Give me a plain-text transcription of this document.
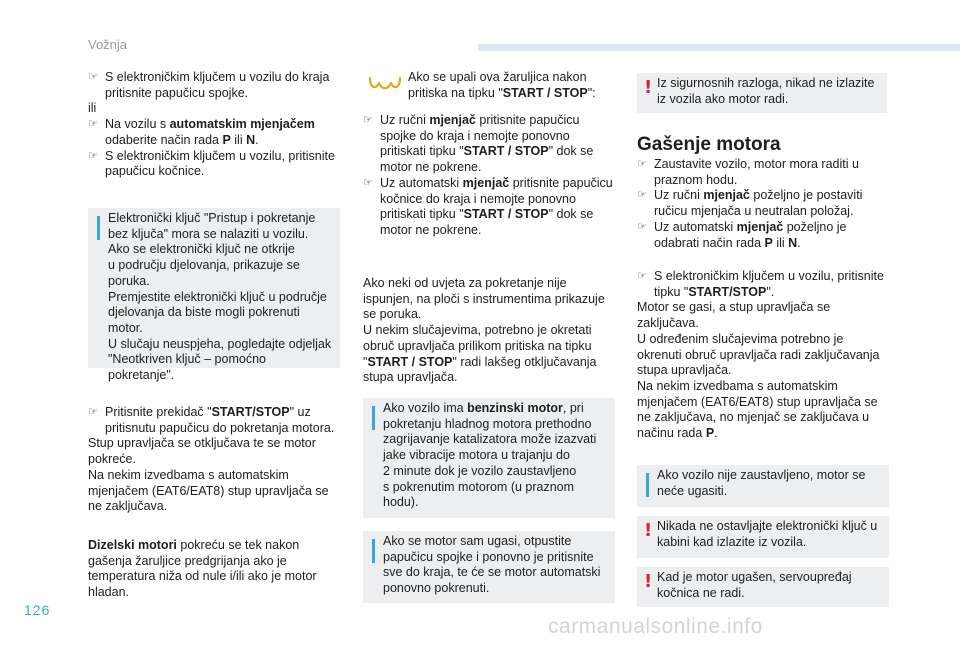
Vožnja
☞ S elektroničkim ključem u vozilu do kraja pritisnite papučicu spojke.
ili
☞ Na vozilu s automatskim mjenjačem odaberite način rada P ili N.
☞ S elektroničkim ključem u vozilu, pritisnite papučicu kočnice.

Elektronički ključ "Pristup i pokretanje bez ključa" mora se nalaziti u vozilu.
Ako se elektronički ključ ne otkrije
u području djelovanja, prikazuje se poruka.
Premjestite elektronički ključ u područje djelovanja da biste mogli pokrenuti motor.
U slučaju neuspjeha, pogledajte odjeljak "Neotkriven ključ – pomoćno pokretanje".

☞ Pritisnite prekidač "START/STOP" uz pritisnutu papučicu do pokretanja motora.
Stup upravljača se otključava te se motor pokreće.
Na nekim izvedbama s automatskim mjenjačem (EAT6/EAT8) stup upravljača se ne zaključava.
Dizelski motori pokreću se tek nakon gašenja žaruljice predgrijanja ako je temperatura niža od nule i/ili ako je motor hladan.
Ako se upali ova žaruljica nakon pritiska na tipku "START / STOP":
☞ Uz ručni mjenjač pritisnite papučicu spojke do kraja i nemojte ponovno pritiskati tipku "START / STOP" dok se motor ne pokrene.
☞ Uz automatski mjenjač pritisnite papučicu kočnice do kraja i nemojte ponovno pritiskati tipku "START / STOP" dok se motor ne pokrene.
Ako neki od uvjeta za pokretanje nije ispunjen, na ploči s instrumentima prikazuje se poruka.
U nekim slučajevima, potrebno je okretati obruč upravljača prilikom pritiska na tipku "START / STOP" radi lakšeg otključavanja stupa upravljača.

Ako vozilo ima benzinski motor, pri pokretanju hladnog motora prethodno zagrijavanje katalizatora može izazvati jake vibracije motora u trajanju do
2 minute dok je vozilo zaustavljeno
s pokrenutim motorom (u praznom hodu).

Ako se motor sam ugasi, otpustite papučicu spojke i ponovno je pritisnite sve do kraja, te će se motor automatski ponovno pokrenuti.

! Iz sigurnosnih razloga, nikad ne izlazite iz vozila ako motor radi.

Gašenje motora
☞ Zaustavite vozilo, motor mora raditi u praznom hodu.
☞ Uz ručni mjenjač poželjno je postaviti ručicu mjenjača u neutralan položaj.
☞ Uz automatski mjenjač poželjno je odabrati način rada P ili N.
☞ S elektroničkim ključem u vozilu, pritisnite tipku "START/STOP".
Motor se gasi, a stup upravljača se zaključava.
U određenim slučajevima potrebno je okrenuti obruč upravljača radi zaključavanja stupa upravljača.
Na nekim izvedbama s automatskim mjenjačem (EAT6/EAT8) stup upravljača se ne zaključava, no mjenjač se zaključava u načinu rada P.

Ako vozilo nije zaustavljeno, motor se neće ugasiti.

! Nikada ne ostavljajte elektronički ključ u kabini kad izlazite iz vozila.

! Kad je motor ugašen, servoupređaj kočnica ne radi.

126
carmanualsonline.info
